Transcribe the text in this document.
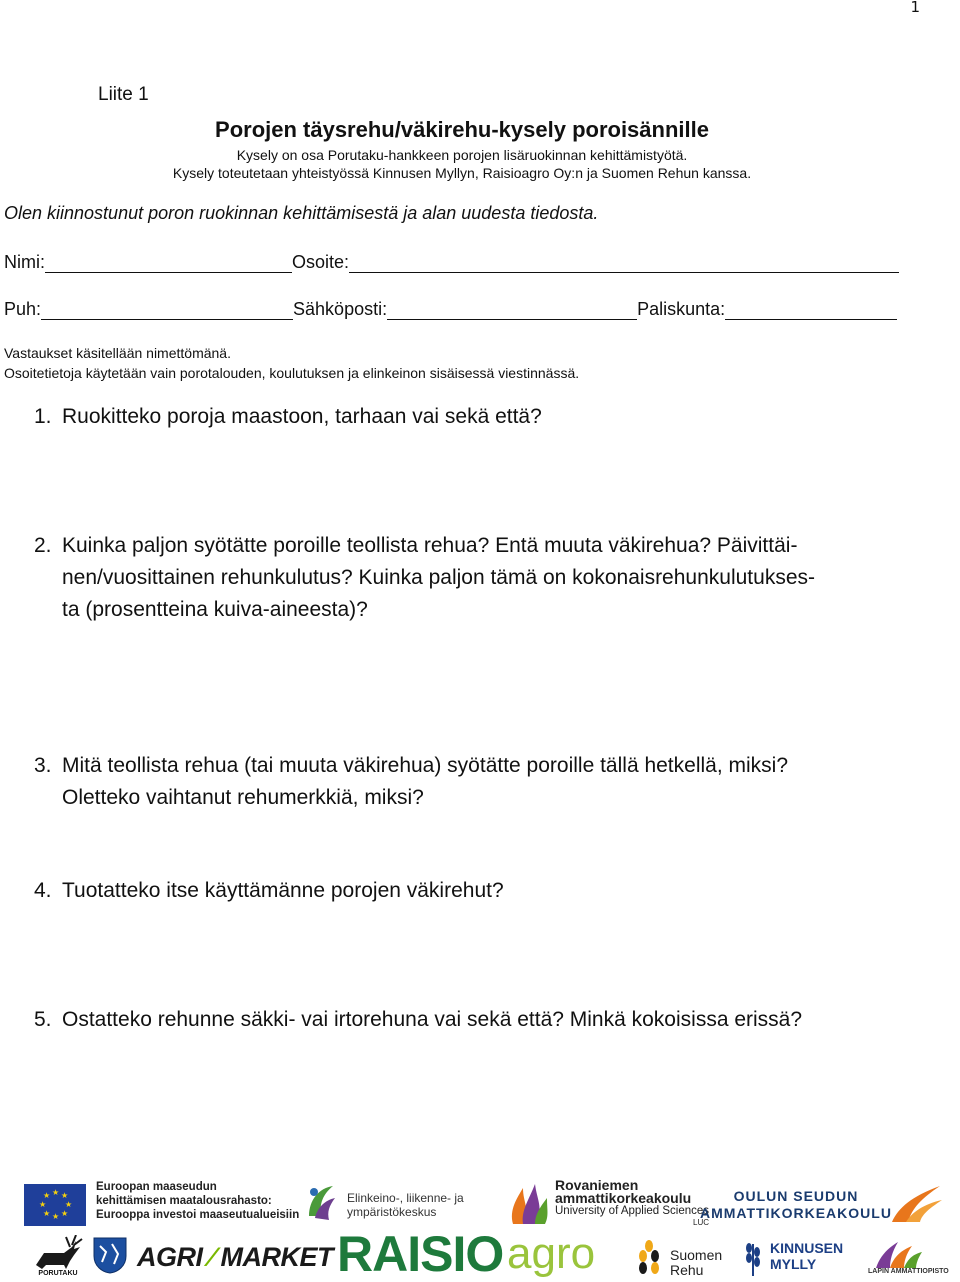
1
Liite 1
Porojen täysrehu/väkirehu-kysely poroisännille
Kysely on osa Porutaku-hankkeen porojen lisäruokinnan kehittämistyötä.
Kysely toteutetaan yhteistyössä Kinnusen Myllyn, Raisioagro Oy:n ja Suomen Rehun kanssa.
Olen kiinnostunut poron ruokinnan kehittämisestä ja alan uudesta tiedosta.
Nimi:	Osoite:
Puh:	Sähköposti:	Paliskunta:
Vastaukset käsitellään nimettömänä.
Osoitetietoja käytetään vain porotalouden, koulutuksen ja elinkeinon sisäisessä viestinnässä.
1. Ruokitteko poroja maastoon, tarhaan vai sekä että?
2. Kuinka paljon syötätte poroille teollista rehua? Entä muuta väkirehua? Päivittäi-
nen/vuosittainen rehunkulutus? Kuinka paljon tämä on kokonaisrehunkulutukses-
ta (prosentteina kuiva-aineesta)?
3. Mitä teollista rehua (tai muuta väkirehua) syötätte poroille tällä hetkellä, miksi?
Oletteko vaihtanut rehumerkkiä, miksi?
4. Tuotatteko itse käyttämänne porojen väkirehut?
5. Ostatteko rehunne säkki- vai irtorehuna vai sekä että? Minkä kokoisissa erissä?
★ ★
★
★
★
★
★
★
Euroopan maaseudun
kehittämisen maatalousrahasto:
Eurooppa investoi maaseutualueisiin
Elinkeino-, liikenne- ja
ympäristökeskus
Rovaniemen
ammattikorkeakoulu
University of Applied Sciences
LUC
OULUN SEUDUN
AMMATTIKORKEAKOULU
PORUTAKU
AGRI ⁄ MARKET RAISIO agro	Suomen
Rehu
KINNUSEN
MYLLY	LAPIN AMMATTIOPISTO
